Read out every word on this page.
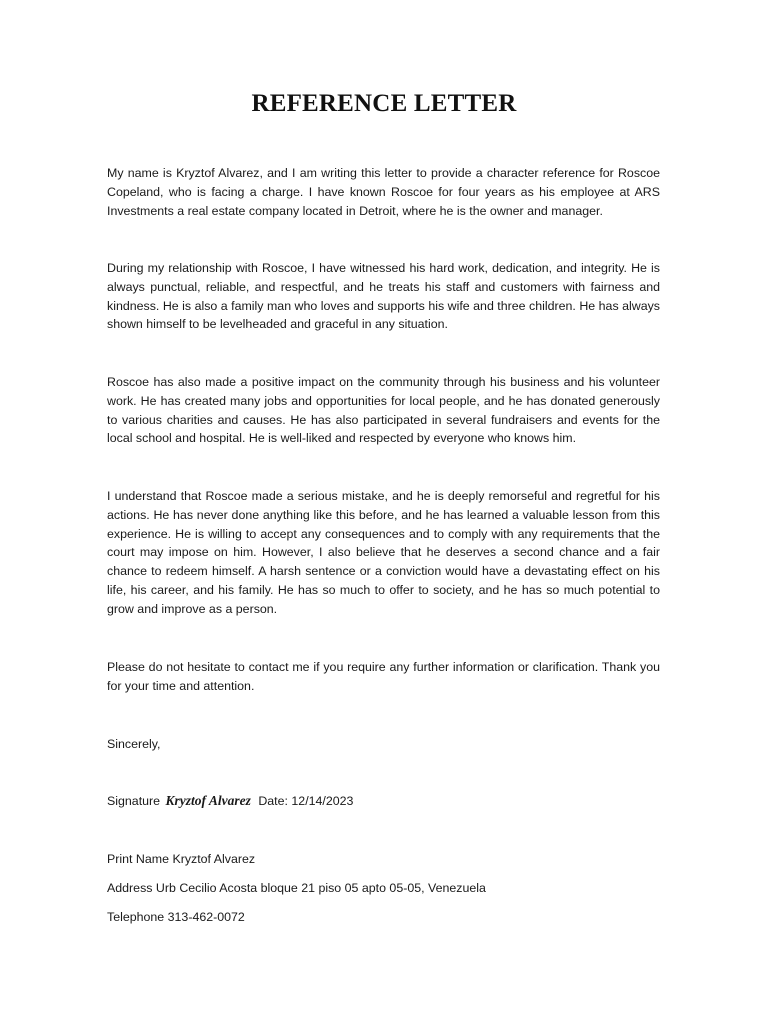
REFERENCE LETTER

My name is Kryztof Alvarez, and I am writing this letter to provide a character reference for Roscoe Copeland, who is facing a charge. I have known Roscoe for four years as his employee at ARS Investments a real estate company located in Detroit, where he is the owner and manager.

During my relationship with Roscoe, I have witnessed his hard work, dedication, and integrity. He is always punctual, reliable, and respectful, and he treats his staff and customers with fairness and kindness. He is also a family man who loves and supports his wife and three children. He has always shown himself to be levelheaded and graceful in any situation.

Roscoe has also made a positive impact on the community through his business and his volunteer work. He has created many jobs and opportunities for local people, and he has donated generously to various charities and causes. He has also participated in several fundraisers and events for the local school and hospital. He is well-liked and respected by everyone who knows him.

I understand that Roscoe made a serious mistake, and he is deeply remorseful and regretful for his actions. He has never done anything like this before, and he has learned a valuable lesson from this experience. He is willing to accept any consequences and to comply with any requirements that the court may impose on him. However, I also believe that he deserves a second chance and a fair chance to redeem himself. A harsh sentence or a conviction would have a devastating effect on his life, his career, and his family. He has so much to offer to society, and he has so much potential to grow and improve as a person.

Please do not hesitate to contact me if you require any further information or clarification. Thank you for your time and attention.

Sincerely,

Signature Kryztof Alvarez Date: 12/14/2023

Print Name Kryztof Alvarez

Address Urb Cecilio Acosta bloque 21 piso 05 apto 05-05, Venezuela

Telephone 313-462-0072
